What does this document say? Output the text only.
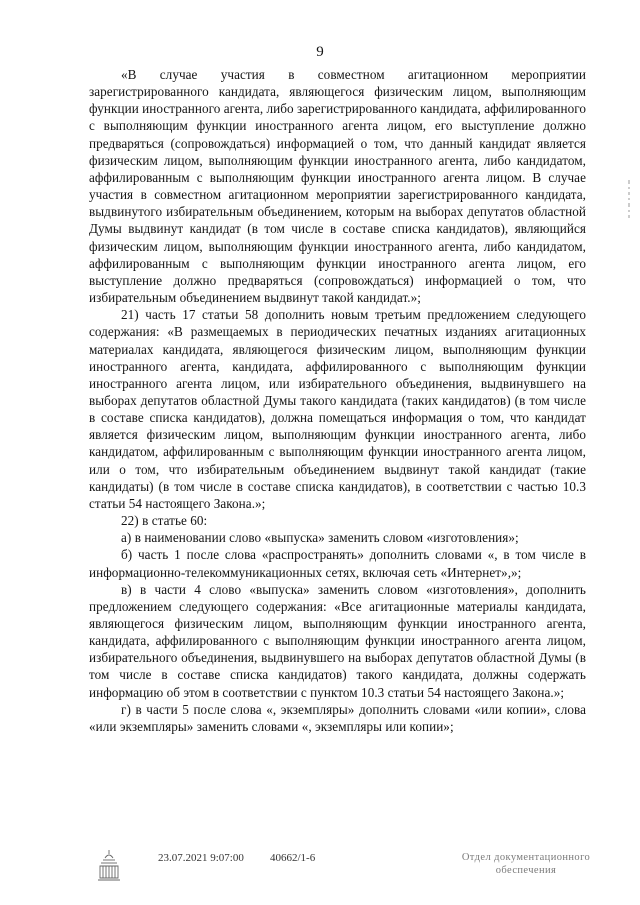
9

«В случае участия в совместном агитационном мероприятии зарегистрированного кандидата, являющегося физическим лицом, выполняющим функции иностранного агента, либо зарегистрированного кандидата, аффилированного с выполняющим функции иностранного агента лицом, его выступление должно предваряться (сопровождаться) информацией о том, что данный кандидат является физическим лицом, выполняющим функции иностранного агента, либо кандидатом, аффилированным с выполняющим функции иностранного агента лицом. В случае участия в совместном агитационном мероприятии зарегистрированного кандидата, выдвинутого избирательным объединением, которым на выборах депутатов областной Думы выдвинут кандидат (в том числе в составе списка кандидатов), являющийся физическим лицом, выполняющим функции иностранного агента, либо кандидатом, аффилированным с выполняющим функции иностранного агента лицом, его выступление должно предваряться (сопровождаться) информацией о том, что избирательным объединением выдвинут такой кандидат.»;

21) часть 17 статьи 58 дополнить новым третьим предложением следующего содержания: «В размещаемых в периодических печатных изданиях агитационных материалах кандидата, являющегося физическим лицом, выполняющим функции иностранного агента, кандидата, аффилированного с выполняющим функции иностранного агента лицом, или избирательного объединения, выдвинувшего на выборах депутатов областной Думы такого кандидата (таких кандидатов) (в том числе в составе списка кандидатов), должна помещаться информация о том, что кандидат является физическим лицом, выполняющим функции иностранного агента, либо кандидатом, аффилированным с выполняющим функции иностранного агента лицом, или о том, что избирательным объединением выдвинут такой кандидат (такие кандидаты) (в том числе в составе списка кандидатов), в соответствии с частью 10.3 статьи 54 настоящего Закона.»;

22) в статье 60:

а) в наименовании слово «выпуска» заменить словом «изготовления»;

б) часть 1 после слова «распространять» дополнить словами «, в том числе в информационно-телекоммуникационных сетях, включая сеть «Интернет»,»;

в) в части 4 слово «выпуска» заменить словом «изготовления», дополнить предложением следующего содержания: «Все агитационные материалы кандидата, являющегося физическим лицом, выполняющим функции иностранного агента, кандидата, аффилированного с выполняющим функции иностранного агента лицом, избирательного объединения, выдвинувшего на выборах депутатов областной Думы (в том числе в составе списка кандидатов) такого кандидата, должны содержать информацию об этом в соответствии с пунктом 10.3 статьи 54 настоящего Закона.»;

г) в части 5 после слова «, экземпляры» дополнить словами «или копии», слова «или экземпляры» заменить словами «, экземпляры или копии»;

23.07.2021 9:07:00 40662/1-6	Отдел документационного
обеспечения
